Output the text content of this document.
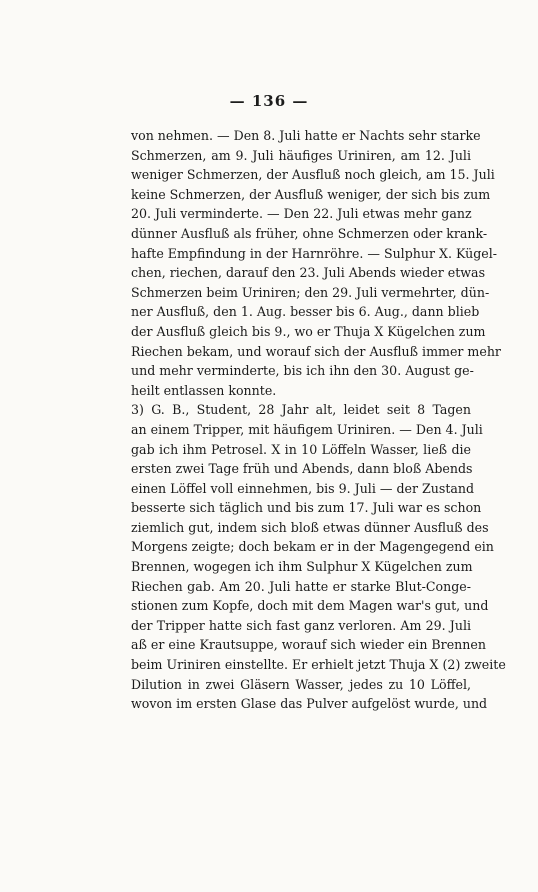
— 136 —
von nehmen. — Den 8. Juli hatte er Nachts sehr starke
Schmerzen, am 9. Juli häufiges Uriniren, am 12. Juli
weniger Schmerzen, der Ausfluß noch gleich, am 15. Juli
keine Schmerzen, der Ausfluß weniger, der sich bis zum
20. Juli verminderte. — Den 22. Juli etwas mehr ganz
dünner Ausfluß als früher, ohne Schmerzen oder krank-
hafte Empfindung in der Harnröhre. — Sulphur X. Kügel-
chen, riechen, darauf den 23. Juli Abends wieder etwas
Schmerzen beim Uriniren; den 29. Juli vermehrter, dün-
ner Ausfluß, den 1. Aug. besser bis 6. Aug., dann blieb
der Ausfluß gleich bis 9., wo er Thuja X Kügelchen zum
Riechen bekam, und worauf sich der Ausfluß immer mehr
und mehr verminderte, bis ich ihn den 30. August ge-
heilt entlassen konnte.
3) G. B., Student, 28 Jahr alt, leidet seit 8 Tagen
an einem Tripper, mit häufigem Uriniren. — Den 4. Juli
gab ich ihm Petrosel. X in 10 Löffeln Wasser, ließ die
ersten zwei Tage früh und Abends, dann bloß Abends
einen Löffel voll einnehmen, bis 9. Juli — der Zustand
besserte sich täglich und bis zum 17. Juli war es schon
ziemlich gut, indem sich bloß etwas dünner Ausfluß des
Morgens zeigte; doch bekam er in der Magengegend ein
Brennen, wogegen ich ihm Sulphur X Kügelchen zum
Riechen gab. Am 20. Juli hatte er starke Blut-Conge-
stionen zum Kopfe, doch mit dem Magen war's gut, und
der Tripper hatte sich fast ganz verloren. Am 29. Juli
aß er eine Krautsuppe, worauf sich wieder ein Brennen
beim Uriniren einstellte. Er erhielt jetzt Thuja X (2) zweite
Dilution in zwei Gläsern Wasser, jedes zu 10 Löffel,
wovon im ersten Glase das Pulver aufgelöst wurde, und
